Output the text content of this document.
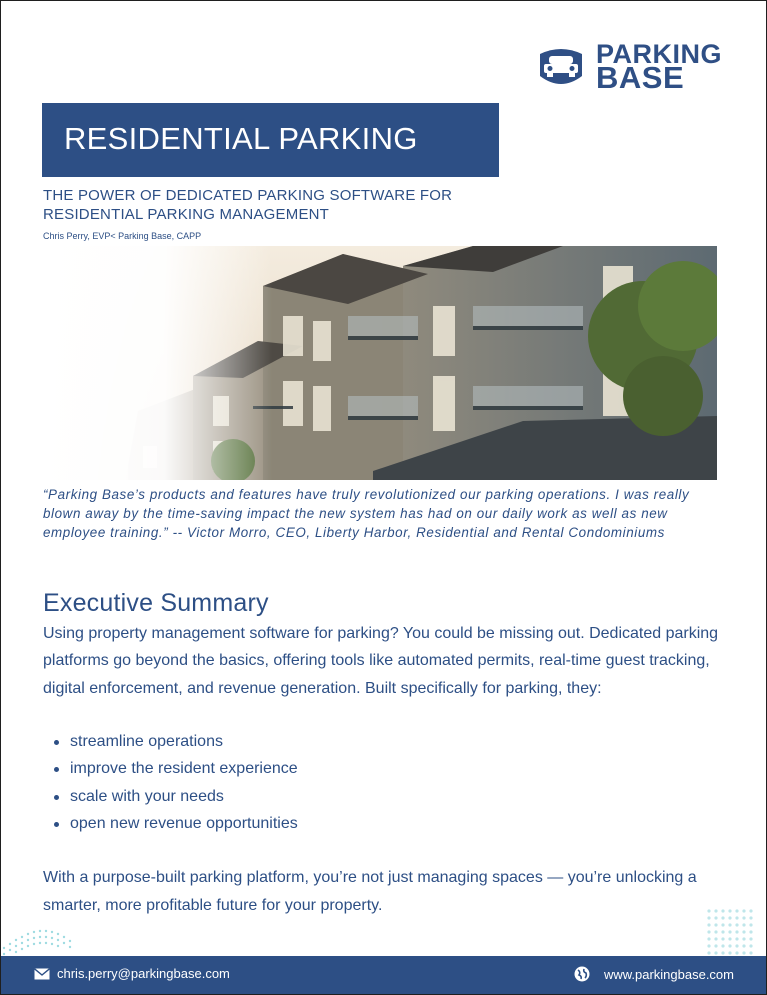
PARKING
BASE
RESIDENTIAL PARKING
THE POWER OF DEDICATED PARKING SOFTWARE FOR RESIDENTIAL PARKING MANAGEMENT
Chris Perry, EVP< Parking Base, CAPP
“Parking Base’s products and features have truly revolutionized our parking operations. I was really blown away by the time-saving impact the new system has had on our daily work as well as new employee training.” -- Victor Morro, CEO, Liberty Harbor, Residential and Rental Condominiums
Executive Summary
Using property management software for parking? You could be missing out. Dedicated parking platforms go beyond the basics, offering tools like automated permits, real-time guest tracking, digital enforcement, and revenue generation. Built specifically for parking, they:
streamline operations
improve the resident experience
scale with your needs
open new revenue opportunities
With a purpose-built parking platform, you’re not just managing spaces — you’re unlocking a smarter, more profitable future for your property.
chris.perry@parkingbase.com	www.parkingbase.com
